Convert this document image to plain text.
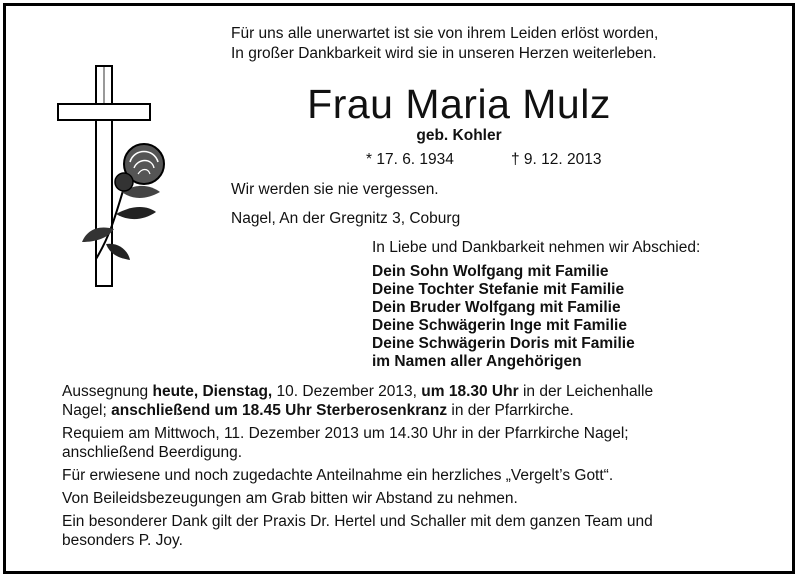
Für uns alle unerwartet ist sie von ihrem Leiden erlöst worden,
In großer Dankbarkeit wird sie in unseren Herzen weiterleben.
Frau Maria Mulz
geb. Kohler
* 17. 6. 1934	† 9. 12. 2013
Wir werden sie nie vergessen.
Nagel, An der Gregnitz 3, Coburg
In Liebe und Dankbarkeit nehmen wir Abschied:
Dein Sohn Wolfgang mit Familie
Deine Tochter Stefanie mit Familie
Dein Bruder Wolfgang mit Familie
Deine Schwägerin Inge mit Familie
Deine Schwägerin Doris mit Familie
im Namen aller Angehörigen
Aussegnung heute, Dienstag, 10. Dezember 2013, um 18.30 Uhr in der Leichenhalle
Nagel; anschließend um 18.45 Uhr Sterberosenkranz in der Pfarrkirche.
Requiem am Mittwoch, 11. Dezember 2013 um 14.30 Uhr in der Pfarrkirche Nagel;
anschließend Beerdigung.
Für erwiesene und noch zugedachte Anteilnahme ein herzliches „Vergelt’s Gott“.
Von Beileidsbezeugungen am Grab bitten wir Abstand zu nehmen.
Ein besonderer Dank gilt der Praxis Dr. Hertel und Schaller mit dem ganzen Team und
besonders P. Joy.
